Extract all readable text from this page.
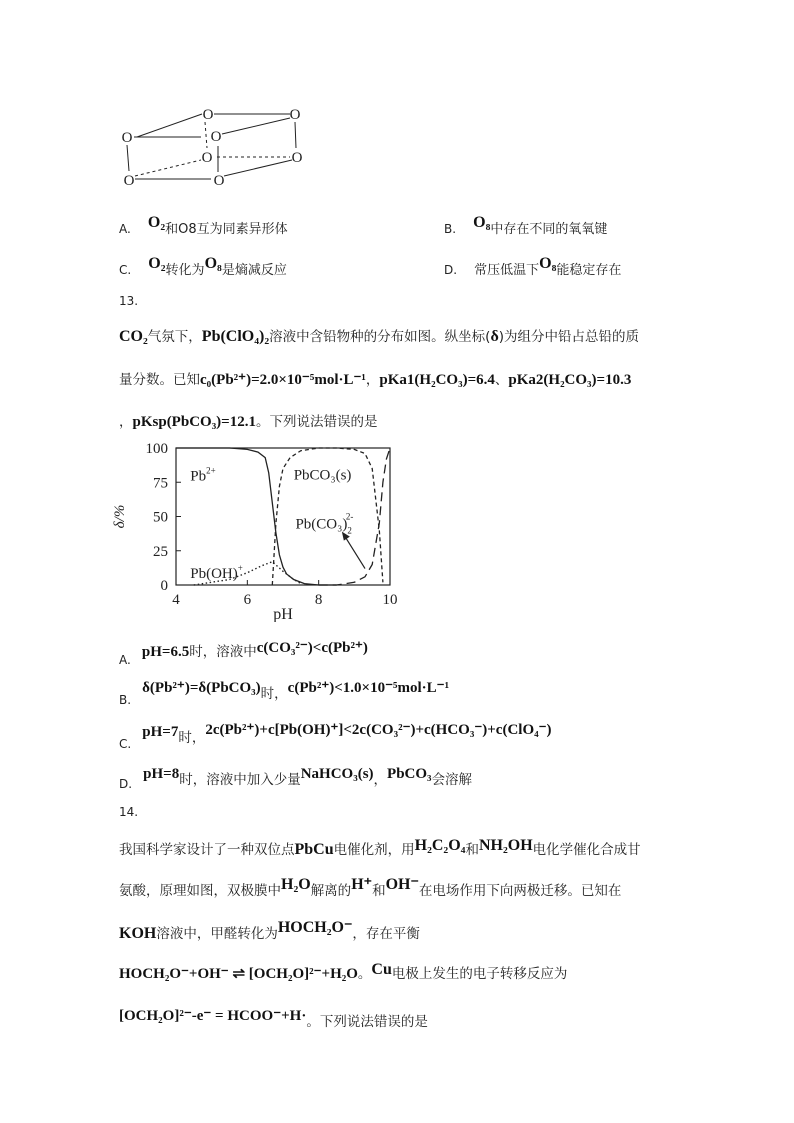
O	O
O	O
O	O
O	O
A. O₂和O8互为同素异形体	B. O₈中存在不同的氧氧键
C. O₂转化为O₈是熵减反应	D. 常压低温下O₈能稳定存在
13.
CO₂气氛下，Pb(ClO₄)₂溶液中含铅物种的分布如图。纵坐标(δ)为组分中铅占总铅的质
量分数。已知c₀(Pb²⁺)=2.0×10⁻⁵mol·L⁻¹，pKa1(H₂CO₃)=6.4、pKa2(H₂CO₃)=10.3
，pKsp(PbCO₃)=12.1。下列说法错误的是
4	6	8	10
0
25
50
75
100
pH
δ/%
$Pb^{2+}$	PbCO₃(s)
$Pb(CO_3)_22-$
Pb(OH)+
$_{A.}$ pH=6.5时，溶液中c(CO₃²⁻)<c(Pb²⁺)
$_{B.}$ $\delta(Pb^{2+})=\delta(PbCO_3)_{时,}c(Pb^{2+})<1.0\times 10^{-5}mol\cdot L^{-1}$
$_{C.}$ $pH=7_{时,}2c(Pb^{2+})+c[Pb(OH)^+]<2c(CO_3^{2-})+c(HCO_3^-)+c(ClO_4^-)$
$_{D.}$ $pH=8_{时,溶液中加入少量}NaHCO_3(s)_,PbCO_3_{会溶解}$
14.
我国科学家设计了一种双位点PbCu电催化剂，用H₂C₂O₄和NH₂OH电化学催化合成甘
氨酸，原理如图，双极膜中H₂O解离的H⁺和OH⁻在电场作用下向两极迁移。已知在
KOH溶液中，甲醛转化为HOCH₂O⁻，存在平衡
HOCH₂O⁻+OH⁻ ⇌ [OCH₂O]²⁻+H₂O。Cu电极上发生的电子转移反应为
$[OCH_2O]^{2-}-e^- = HCOO^-+H\cdot_{。下列说法错误的是}$
